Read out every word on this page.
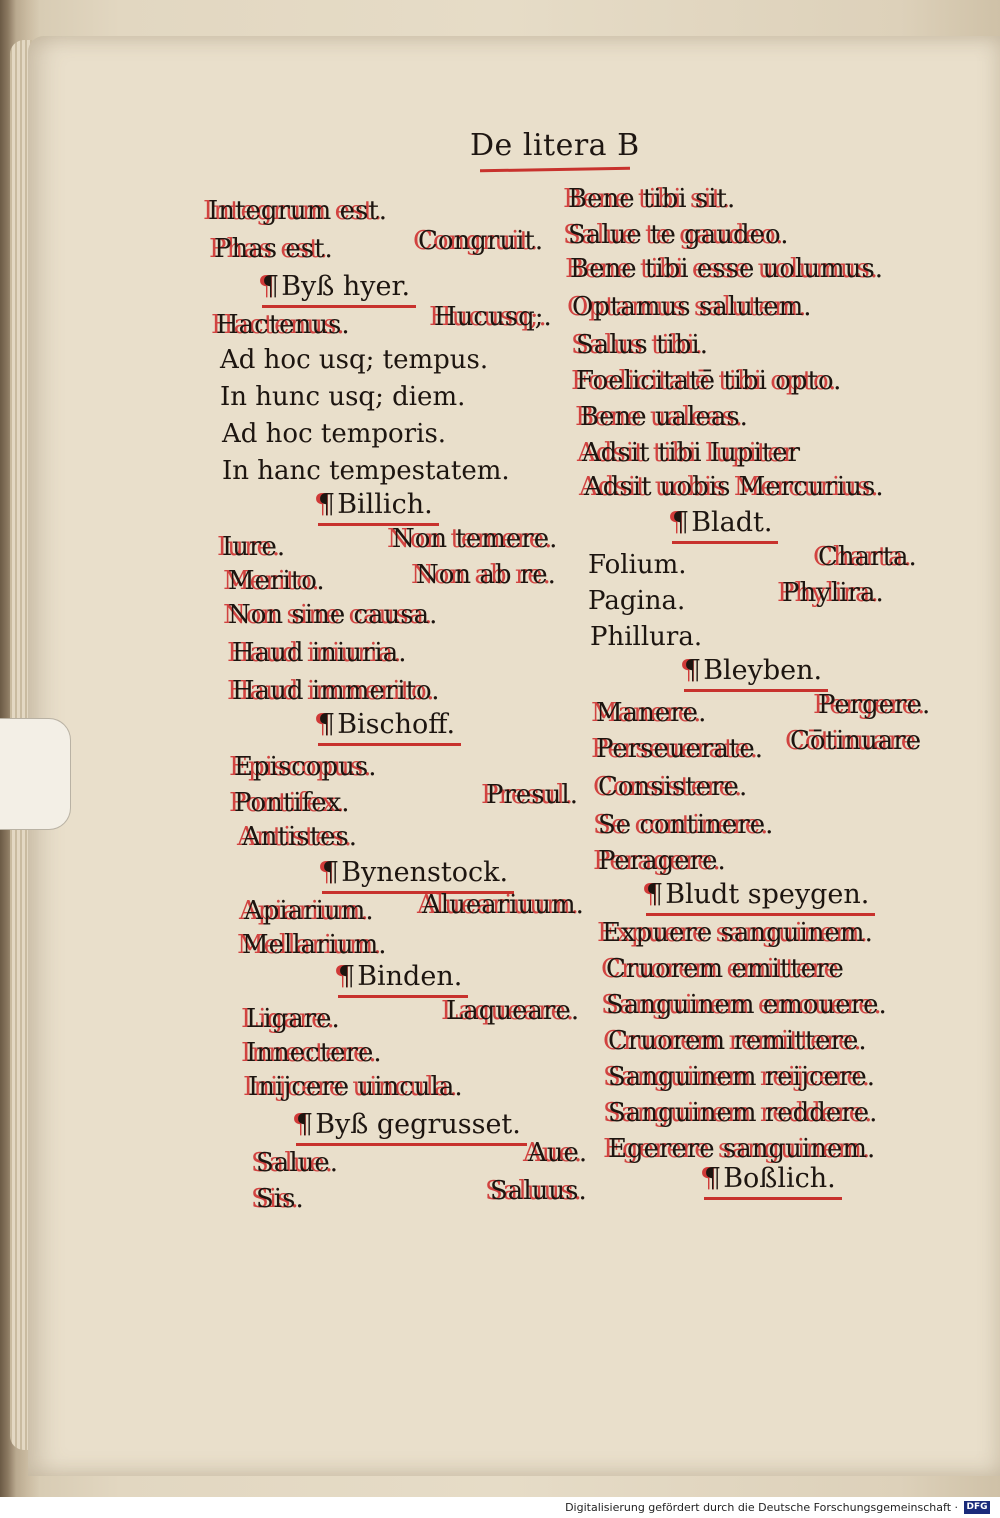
De litera B
Integrum est.
Phas est.	Congruit.
¶Byß hyer.
Hactenus.	Hucusq;.
Ad hoc usq; tempus.
In hunc usq; diem.
Ad hoc temporis.
In hanc tempestatem.
¶Billich.
Iure.	Non temere.
Merito.	Non ab re.
Non sine causa.
Haud iniuria.
Haud immerito.
¶Bischoff.
Episcopus.
Pontifex.	Presul.
Antistes.
¶Bynenstock.
Apiarium. Alueariuum.
Mellarium.
¶Binden.
Ligare.	Laqueare.
Innectere.
Inijcere uincula.
¶Byß gegrusset.
Salue.	Aue.
Sis.	Saluus.
Bene tibi sit.
Salue te gaudeo.
Bene tibi esse uolumus.
Optamus salutem.
Salus tibi.
Foelicitatē tibi opto.
Bene ualeas.
Adsit tibi Iupiter
Adsit uobis Mercurius.
¶Bladt.
Folium.	Charta.
Pagina.	Phylira.
Phillura.
¶Bleyben.
Manere.	Pergere.
Perseuerate. Cōtinuare
Consistere.
Se continere.
Peragere.
¶Bludt speygen.
Expuere sanguinem.
Cruorem emittere
Sanguinem emouere.
Cruorem remittere.
Sanguinem reijcere.
Sanguinem reddere.
Egerere sanguinem.
¶Boßlich.
Digitalisierung gefördert durch die Deutsche Forschungsgemeinschaft · DFG
